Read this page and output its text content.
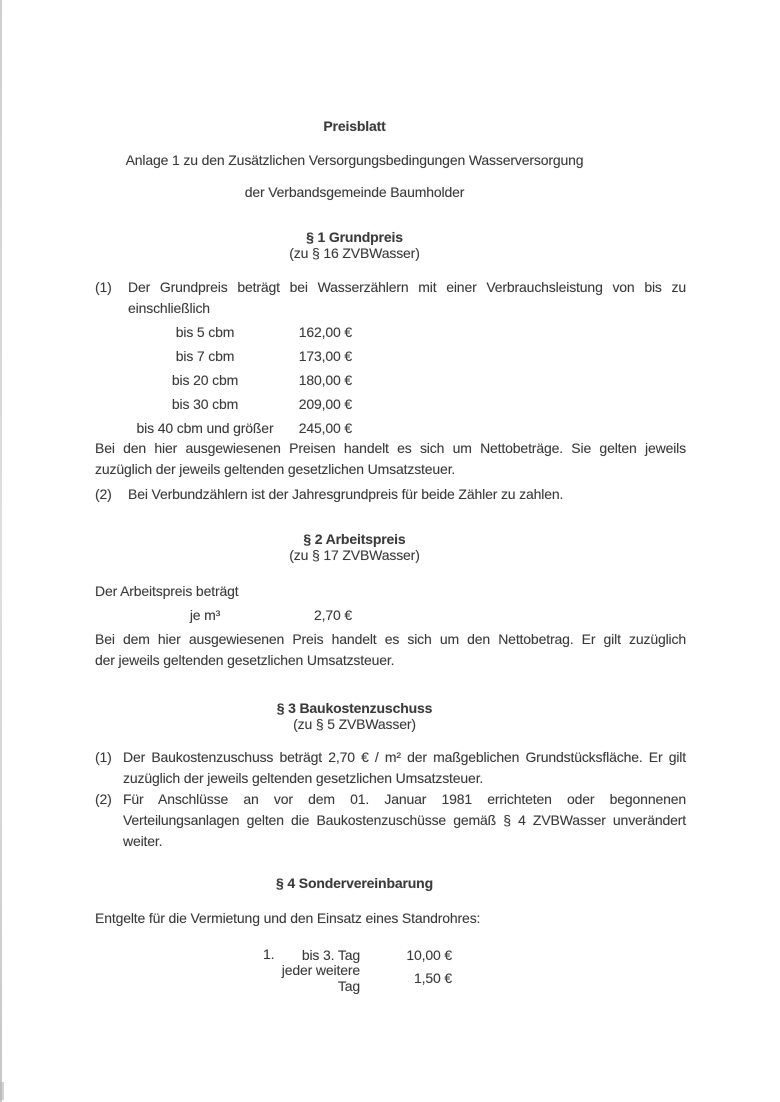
Preisblatt
Anlage 1 zu den Zusätzlichen Versorgungsbedingungen Wasserversorgung
der Verbandsgemeinde Baumholder
§ 1 Grundpreis
(zu § 16 ZVBWasser)
(1) Der Grundpreis beträgt bei Wasserzählern mit einer Verbrauchsleistung von bis zu
einschließlich
bis 5 cbm	162,00 €
bis 7 cbm	173,00 €
bis 20 cbm	180,00 €
bis 30 cbm	209,00 €
bis 40 cbm und größer	245,00 €
Bei den hier ausgewiesenen Preisen handelt es sich um Nettobeträge. Sie gelten jeweils
zuzüglich der jeweils geltenden gesetzlichen Umsatzsteuer.
(2) Bei Verbundzählern ist der Jahresgrundpreis für beide Zähler zu zahlen.
§ 2 Arbeitspreis
(zu § 17 ZVBWasser)
Der Arbeitspreis beträgt
je m³	2,70 €
Bei dem hier ausgewiesenen Preis handelt es sich um den Nettobetrag. Er gilt zuzüglich
der jeweils geltenden gesetzlichen Umsatzsteuer.
§ 3 Baukostenzuschuss
(zu § 5 ZVBWasser)
(1) Der Baukostenzuschuss beträgt 2,70 € / m² der maßgeblichen Grundstücksfläche. Er gilt
zuzüglich der jeweils geltenden gesetzlichen Umsatzsteuer.
(2) Für Anschlüsse an vor dem 01. Januar 1981 errichteten oder begonnenen
Verteilungsanlagen gelten die Baukostenzuschüsse gemäß § 4 ZVBWasser unverändert
weiter.
§ 4 Sondervereinbarung
Entgelte für die Vermietung und den Einsatz eines Standrohres:
1.	bis 3. Tag	10,00 €
jeder weitere Tag	1,50 €
